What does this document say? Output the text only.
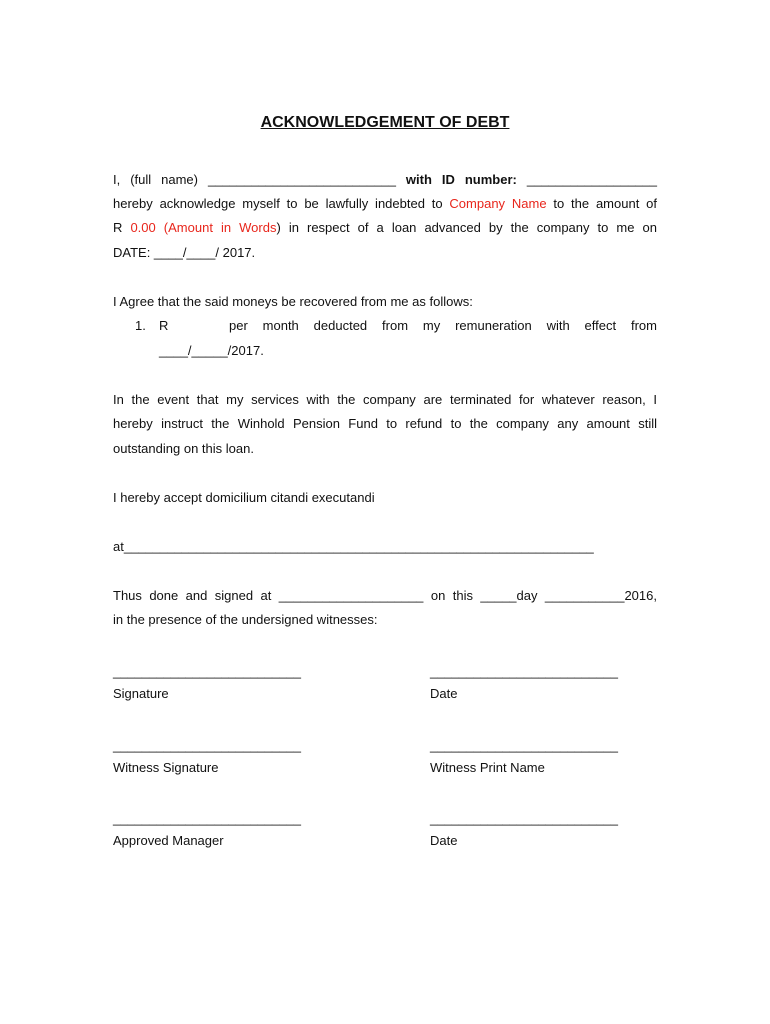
ACKNOWLEDGEMENT OF DEBT
I, (full name) __________________________ with ID number: __________________
hereby acknowledge myself to be lawfully indebted to Company Name to the amount of
R 0.00 (Amount in Words) in respect of a loan advanced by the company to me on
DATE: ____/____/ 2017.
I Agree that the said moneys be recovered from me as follows:
1.	R	per month deducted from my remuneration with effect from
____/_____/2017.
In the event that my services with the company are terminated for whatever reason, I
hereby instruct the Winhold Pension Fund to refund to the company any amount still
outstanding on this loan.
I hereby accept domicilium citandi executandi
at_________________________________________________________________
Thus done and signed at ____________________ on this _____day ___________2016,
in the presence of the undersigned witnesses:
__________________________	__________________________
Signature	Date
__________________________	__________________________
Witness Signature	Witness Print Name
__________________________	__________________________
Approved Manager	Date
